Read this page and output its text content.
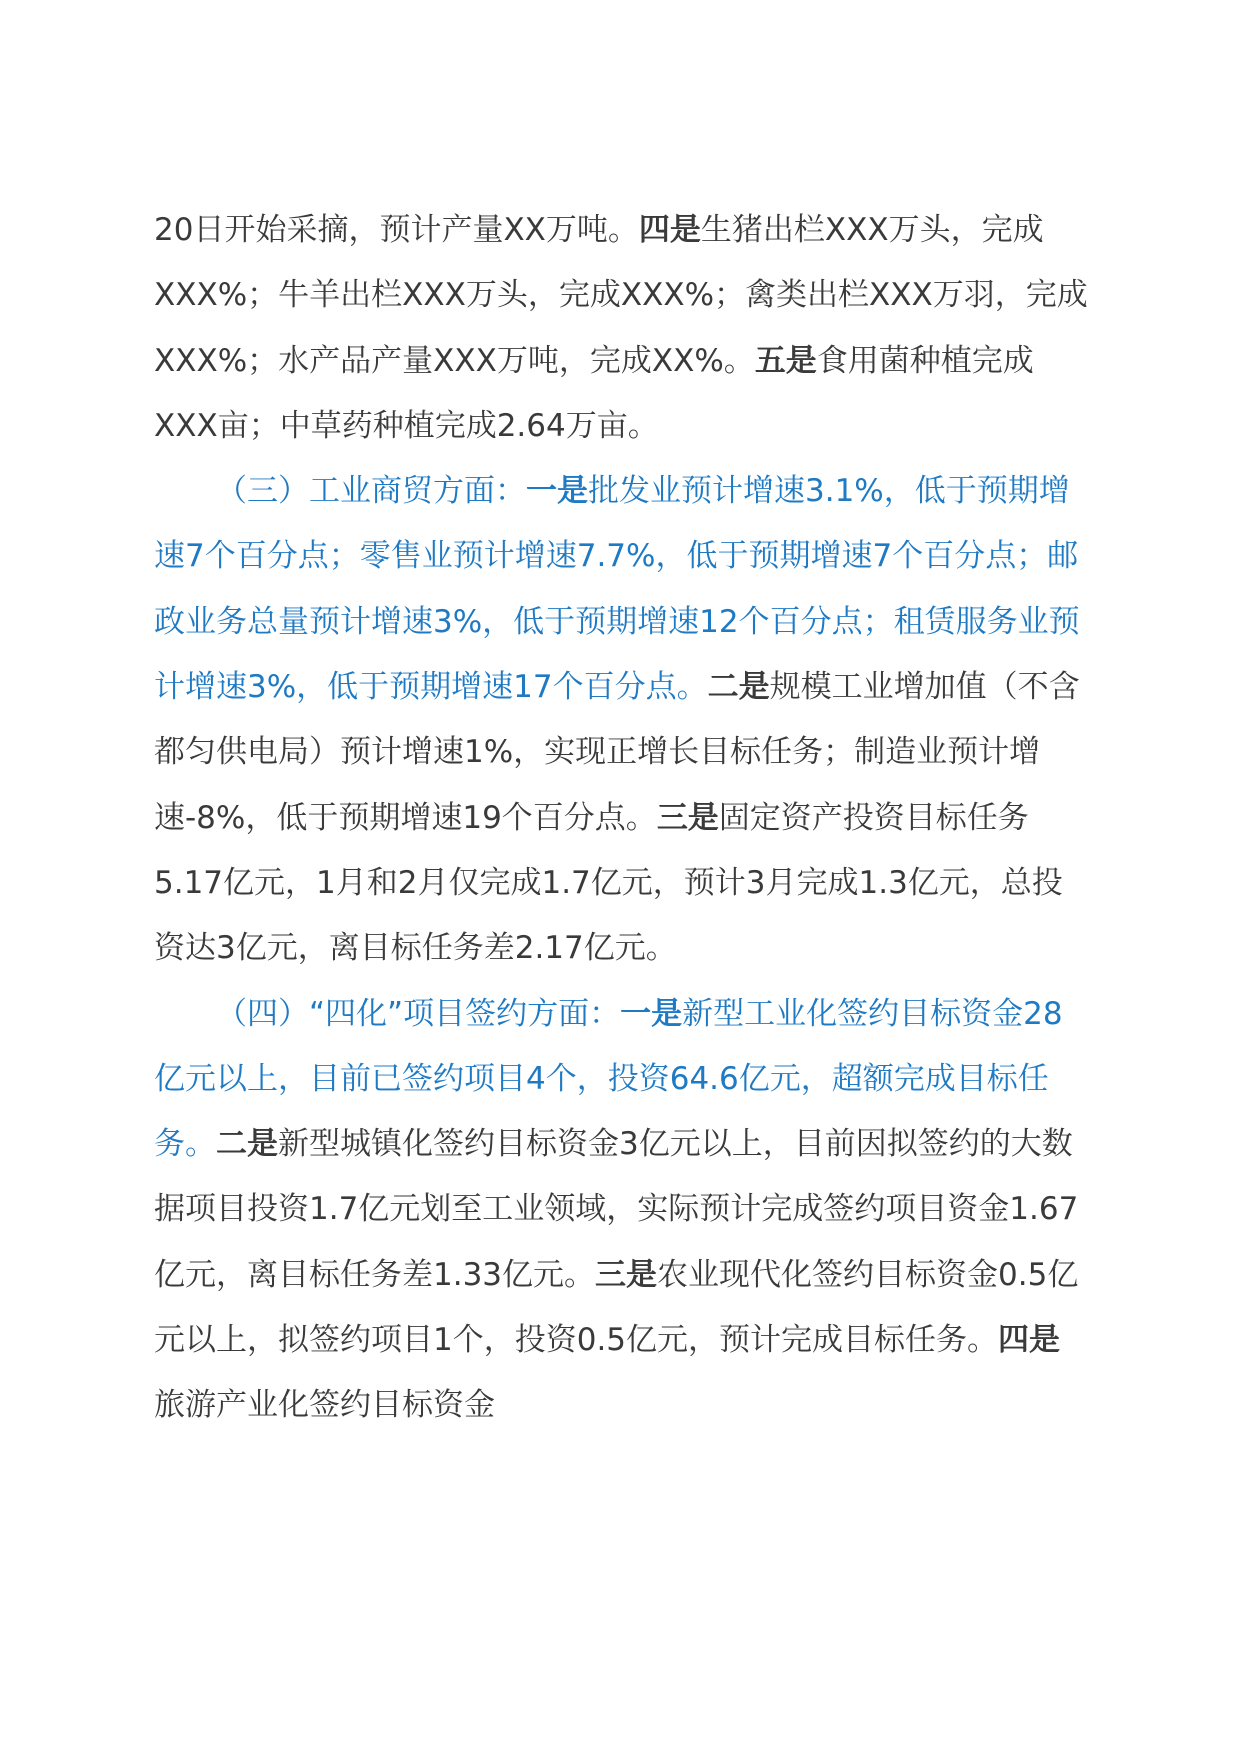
20日开始采摘，预计产量XX万吨。四是生猪出栏XXX万头，完成XXX%；牛羊出栏XXX万头，完成XXX%；禽类出栏XXX万羽，完成XXX%；水产品产量XXX万吨，完成XX%。五是食用菌种植完成XXX亩；中草药种植完成2.64万亩。

（三）工业商贸方面：一是批发业预计增速3.1%，低于预期增速7个百分点；零售业预计增速7.7%，低于预期增速7个百分点；邮政业务总量预计增速3%，低于预期增速12个百分点；租赁服务业预计增速3%，低于预期增速17个百分点。二是规模工业增加值（不含都匀供电局）预计增速1%，实现正增长目标任务；制造业预计增速-8%，低于预期增速19个百分点。三是固定资产投资目标任务5.17亿元，1月和2月仅完成1.7亿元，预计3月完成1.3亿元，总投资达3亿元，离目标任务差2.17亿元。

（四）“四化”项目签约方面：一是新型工业化签约目标资金28亿元以上，目前已签约项目4个，投资64.6亿元，超额完成目标任务。二是新型城镇化签约目标资金3亿元以上，目前因拟签约的大数据项目投资1.7亿元划至工业领域，实际预计完成签约项目资金1.67亿元，离目标任务差1.33亿元。三是农业现代化签约目标资金0.5亿元以上，拟签约项目1个，投资0.5亿元，预计完成目标任务。四是旅游产业化签约目标资金
